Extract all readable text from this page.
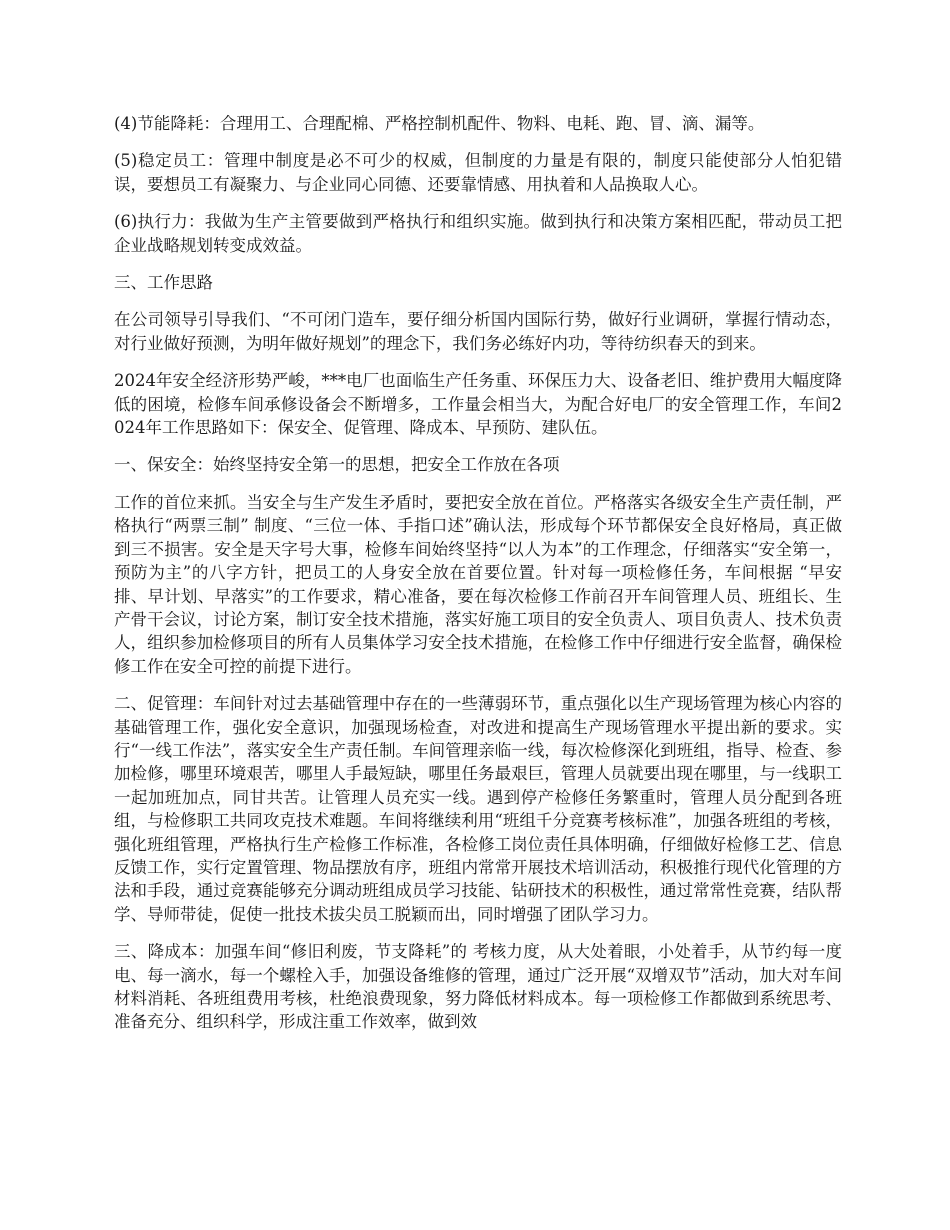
(4)节能降耗：合理用工、合理配棉、严格控制机配件、物料、电耗、跑、冒、滴、漏等。

(5)稳定员工：管理中制度是必不可少的权威，但制度的力量是有限的，制度只能使部分人怕犯错误，要想员工有凝聚力、与企业同心同德、还要靠情感、用执着和人品换取人心。

(6)执行力：我做为生产主管要做到严格执行和组织实施。做到执行和决策方案相匹配，带动员工把企业战略规划转变成效益。

三、工作思路

在公司领导引导我们、“不可闭门造车，要仔细分析国内国际行势，做好行业调研，掌握行情动态，对行业做好预测，为明年做好规划”的理念下，我们务必练好内功，等待纺织春天的到来。

2024年安全经济形势严峻，***电厂也面临生产任务重、环保压力大、设备老旧、维护费用大幅度降低的困境，检修车间承修设备会不断增多，工作量会相当大，为配合好电厂的安全管理工作，车间2024年工作思路如下：保安全、促管理、降成本、早预防、建队伍。

一、保安全：始终坚持安全第一的思想，把安全工作放在各项

工作的首位来抓。当安全与生产发生矛盾时，要把安全放在首位。严格落实各级安全生产责任制，严格执行“两票三制” 制度、“三位一体、手指口述”确认法，形成每个环节都保安全良好格局，真正做到三不损害。安全是天字号大事，检修车间始终坚持“以人为本”的工作理念，仔细落实“安全第一，预防为主”的八字方针，把员工的人身安全放在首要位置。针对每一项检修任务，车间根据 “早安排、早计划、早落实”的工作要求，精心准备，要在每次检修工作前召开车间管理人员、班组长、生产骨干会议，讨论方案，制订安全技术措施，落实好施工项目的安全负责人、项目负责人、技术负责人，组织参加检修项目的所有人员集体学习安全技术措施，在检修工作中仔细进行安全监督，确保检修工作在安全可控的前提下进行。

二、促管理：车间针对过去基础管理中存在的一些薄弱环节，重点强化以生产现场管理为核心内容的基础管理工作，强化安全意识，加强现场检查，对改进和提高生产现场管理水平提出新的要求。实行“一线工作法”，落实安全生产责任制。车间管理亲临一线，每次检修深化到班组，指导、检查、参加检修，哪里环境艰苦，哪里人手最短缺，哪里任务最艰巨，管理人员就要出现在哪里，与一线职工一起加班加点，同甘共苦。让管理人员充实一线。遇到停产检修任务繁重时，管理人员分配到各班组，与检修职工共同攻克技术难题。车间将继续利用“班组千分竞赛考核标准”，加强各班组的考核，强化班组管理，严格执行生产检修工作标准，各检修工岗位责任具体明确，仔细做好检修工艺、信息反馈工作，实行定置管理、物品摆放有序，班组内常常开展技术培训活动，积极推行现代化管理的方法和手段，通过竞赛能够充分调动班组成员学习技能、钻研技术的积极性，通过常常性竞赛，结队帮学、导师带徒，促使一批技术拔尖员工脱颖而出，同时增强了团队学习力。

三、降成本：加强车间“修旧利废，节支降耗”的 考核力度，从大处着眼，小处着手，从节约每一度电、每一滴水，每一个螺栓入手，加强设备维修的管理，通过广泛开展“双增双节”活动，加大对车间材料消耗、各班组费用考核，杜绝浪费现象，努力降低材料成本。每一项检修工作都做到系统思考、准备充分、组织科学，形成注重工作效率，做到效
